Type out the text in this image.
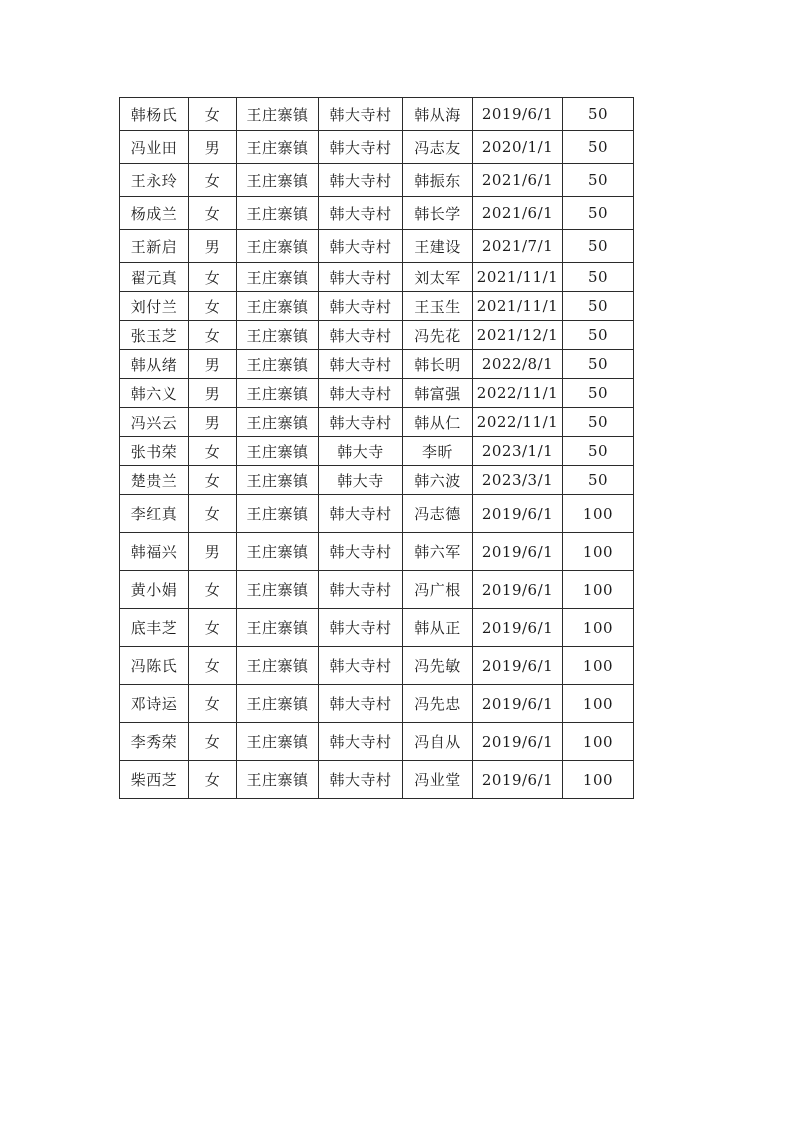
韩杨氏	女	王庄寨镇	韩大寺村	韩从海	2019/6/1	50
冯业田	男	王庄寨镇	韩大寺村	冯志友	2020/1/1	50
王永玲	女	王庄寨镇	韩大寺村	韩振东	2021/6/1	50
杨成兰	女	王庄寨镇	韩大寺村	韩长学	2021/6/1	50
王新启	男	王庄寨镇	韩大寺村	王建设	2021/7/1	50
翟元真	女	王庄寨镇	韩大寺村	刘太军	2021/11/1	50
刘付兰	女	王庄寨镇	韩大寺村	王玉生	2021/11/1	50
张玉芝	女	王庄寨镇	韩大寺村	冯先花	2021/12/1	50
韩从绪	男	王庄寨镇	韩大寺村	韩长明	2022/8/1	50
韩六义	男	王庄寨镇	韩大寺村	韩富强	2022/11/1	50
冯兴云	男	王庄寨镇	韩大寺村	韩从仁	2022/11/1	50
张书荣	女	王庄寨镇	韩大寺	李昕	2023/1/1	50
楚贵兰	女	王庄寨镇	韩大寺	韩六波	2023/3/1	50
李红真	女	王庄寨镇	韩大寺村	冯志德	2019/6/1	100
韩福兴	男	王庄寨镇	韩大寺村	韩六军	2019/6/1	100
黄小娟	女	王庄寨镇	韩大寺村	冯广根	2019/6/1	100
底丰芝	女	王庄寨镇	韩大寺村	韩从正	2019/6/1	100
冯陈氏	女	王庄寨镇	韩大寺村	冯先敏	2019/6/1	100
邓诗运	女	王庄寨镇	韩大寺村	冯先忠	2019/6/1	100
李秀荣	女	王庄寨镇	韩大寺村	冯自从	2019/6/1	100
柴西芝	女	王庄寨镇	韩大寺村	冯业堂	2019/6/1	100
